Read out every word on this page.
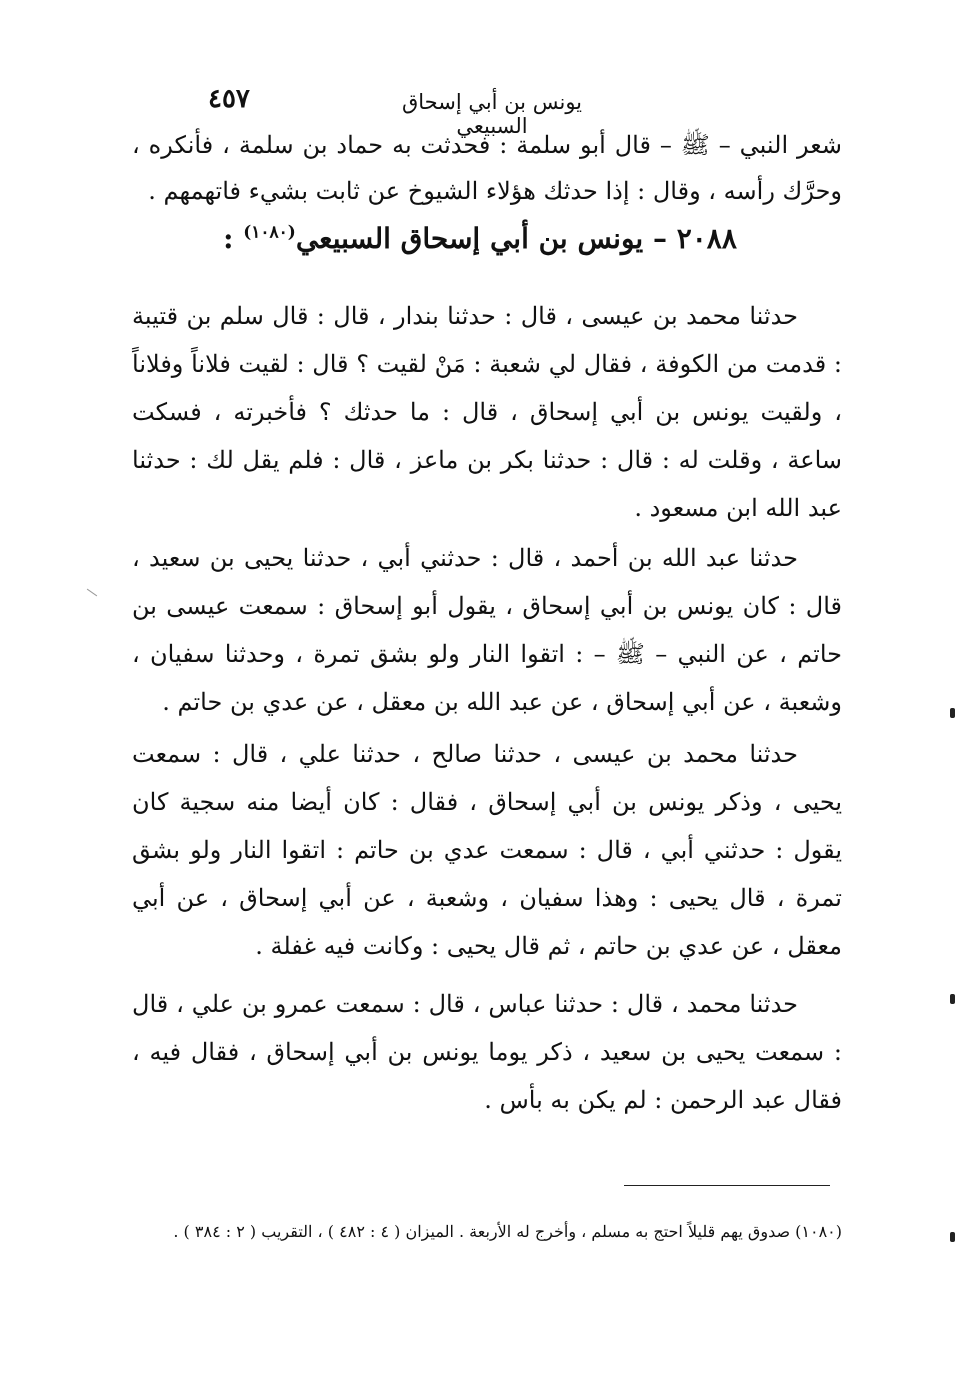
٤٥٧	يونس بن أبي إسحاق السبيعي
شعر النبي – ﷺ – قال أبو سلمة : فحدثت به حماد بن سلمة ، فأنكره ، وحرَّك رأسه ، وقال : إذا حدثك هؤلاء الشيوخ عن ثابت بشيء فاتهمهم .
٢٠٨٨ – يونس بن أبي إسحاق السبيعي$^{(١٠٨٠)}$ :
حدثنا محمد بن عيسى ، قال : حدثنا بندار ، قال : قال سلم بن قتيبة : قدمت من الكوفة ، فقال لي شعبة : مَنْ لقيت ؟ قال : لقيت فلاناً وفلاناً ، ولقيت يونس بن أبي إسحاق ، قال : ما حدثك ؟ فأخبرته ، فسكت ساعة ، وقلت له : قال : حدثنا بكر بن ماعز ، قال : فلم يقل لك : حدثنا عبد الله ابن مسعود .
حدثنا عبد الله بن أحمد ، قال : حدثني أبي ، حدثنا يحيى بن سعيد ، قال : كان يونس بن أبي إسحاق ، يقول أبو إسحاق : سمعت عيسى بن حاتم ، عن النبي – ﷺ – : اتقوا النار ولو بشق تمرة ، وحدثنا سفيان ، وشعبة ، عن أبي إسحاق ، عن عبد الله بن معقل ، عن عدي بن حاتم .
حدثنا محمد بن عيسى ، حدثنا صالح ، حدثنا علي ، قال : سمعت يحيى ، وذكر يونس بن أبي إسحاق ، فقال : كان أيضا منه سجية كان يقول : حدثني أبي ، قال : سمعت عدي بن حاتم : اتقوا النار ولو بشق تمرة ، قال يحيى : وهذا سفيان ، وشعبة ، عن أبي إسحاق ، عن أبي معقل ، عن عدي بن حاتم ، ثم قال يحيى : وكانت فيه غفلة .
حدثنا محمد ، قال : حدثنا عباس ، قال : سمعت عمرو بن علي ، قال : سمعت يحيى بن سعيد ، ذكر يوما يونس بن أبي إسحاق ، فقال فيه ، فقال عبد الرحمن : لم يكن به بأس .
(١٠٨٠) صدوق يهم قليلاً احتج به مسلم ، وأخرج له الأربعة . الميزان ( ٤ : ٤٨٢ ) ، التقريب ( ٢ : ٣٨٤ ) .
